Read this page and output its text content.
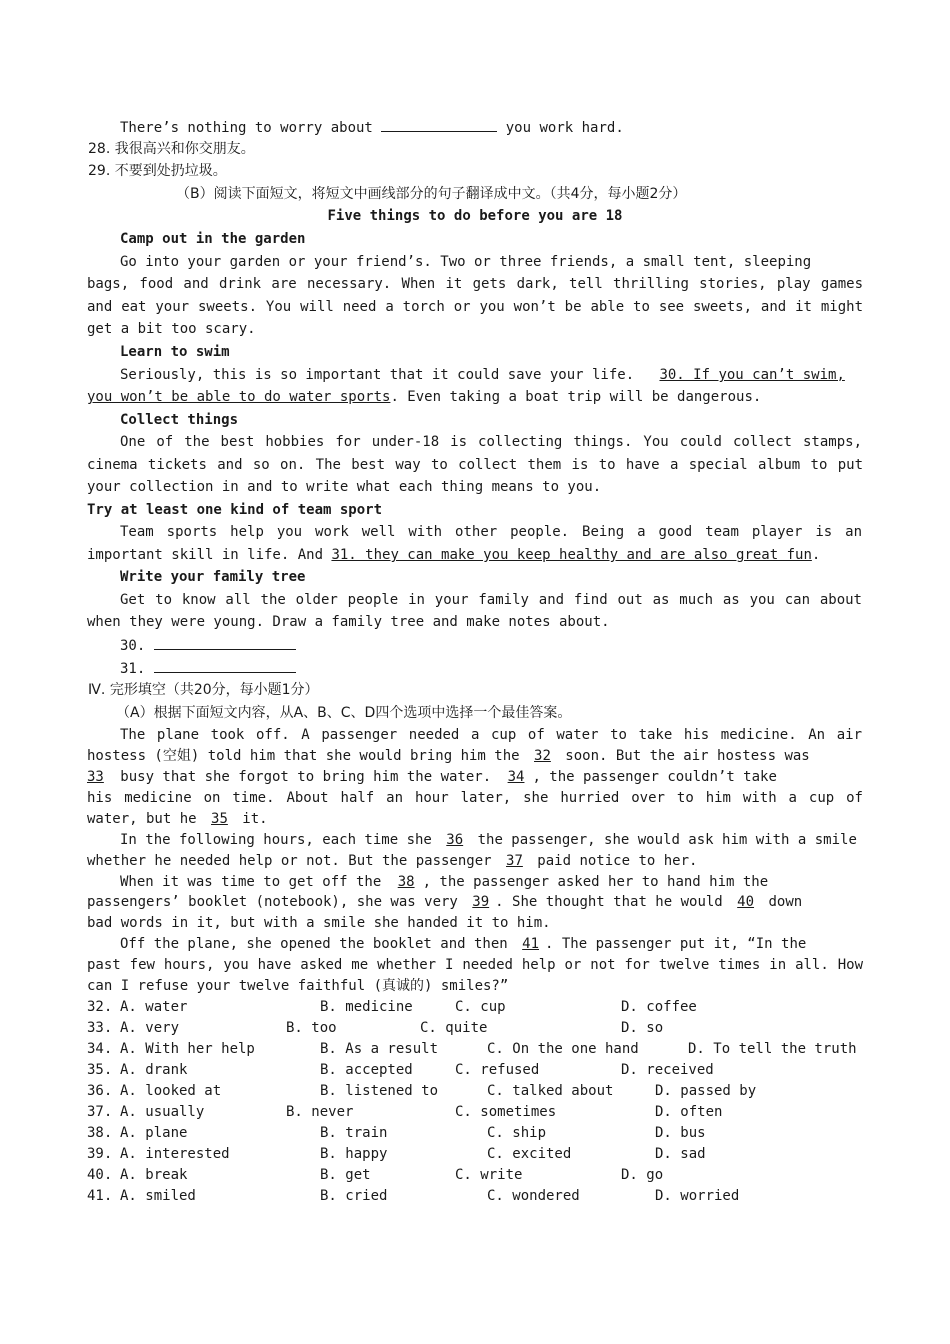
There’s nothing to worry about	you work hard.
28. 我很高兴和你交朋友。
29. 不要到处扔垃圾。
（B）阅读下面短文，将短文中画线部分的句子翻译成中文。（共4分，每小题2分）
Five things to do before you are 18
Camp out in the garden
Go into your garden or your friend’s. Two or three friends, a small tent, sleeping
bags, food and drink are necessary. When it gets dark, tell thrilling stories, play games
and eat your sweets. You will need a torch or you won’t be able to see sweets, and it might
get a bit too scary.
Learn to swim
Seriously, this is so important that it could save your life. 30. If you can’t swim,
you won’t be able to do water sports. Even taking a boat trip will be dangerous.
Collect things
One of the best hobbies for under-18 is collecting things. You could collect stamps,
cinema tickets and so on. The best way to collect them is to have a special album to put
your collection in and to write what each thing means to you.
Try at least one kind of team sport
Team sports help you work well with other people. Being a good team player is an
important skill in life. And 31. they can make you keep healthy and are also great fun.
Write your family tree
Get to know all the older people in your family and find out as much as you can about
when they were young. Draw a family tree and make notes about.
30.
31.
Ⅳ. 完形填空（共20分，每小题1分）
（A）根据下面短文内容，从A、B、C、D四个选项中选择一个最佳答案。
The plane took off. A passenger needed a cup of water to take his medicine. An air
hostess (空姐) told him that she would bring him the 32 soon. But the air hostess was
33 busy that she forgot to bring him the water. 34 , the passenger couldn’t take
his medicine on time. About half an hour later, she hurried over to him with a cup of
water, but he 35 it.
In the following hours, each time she 36 the passenger, she would ask him with a smile
whether he needed help or not. But the passenger 37 paid notice to her.
When it was time to get off the 38 , the passenger asked her to hand him the
passengers’ booklet (notebook), she was very 39 . She thought that he would 40 down
bad words in it, but with a smile she handed it to him.
Off the plane, she opened the booklet and then 41 . The passenger put it, “In the
past few hours, you have asked me whether I needed help or not for twelve times in all. How
can I refuse your twelve faithful (真诚的) smiles?”
32. A. water	B. medicine	C. cup	D. coffee
33. A. very	B. too	C. quite	D. so
34. A. With her help	B. As a result	C. On the one hand	D. To tell the truth
35. A. drank	B. accepted	C. refused	D. received
36. A. looked at	B. listened to	C. talked about	D. passed by
37. A. usually	B. never	C. sometimes	D. often
38. A. plane	B. train	C. ship	D. bus
39. A. interested	B. happy	C. excited	D. sad
40. A. break	B. get	C. write	D. go
41. A. smiled	B. cried	C. wondered	D. worried
